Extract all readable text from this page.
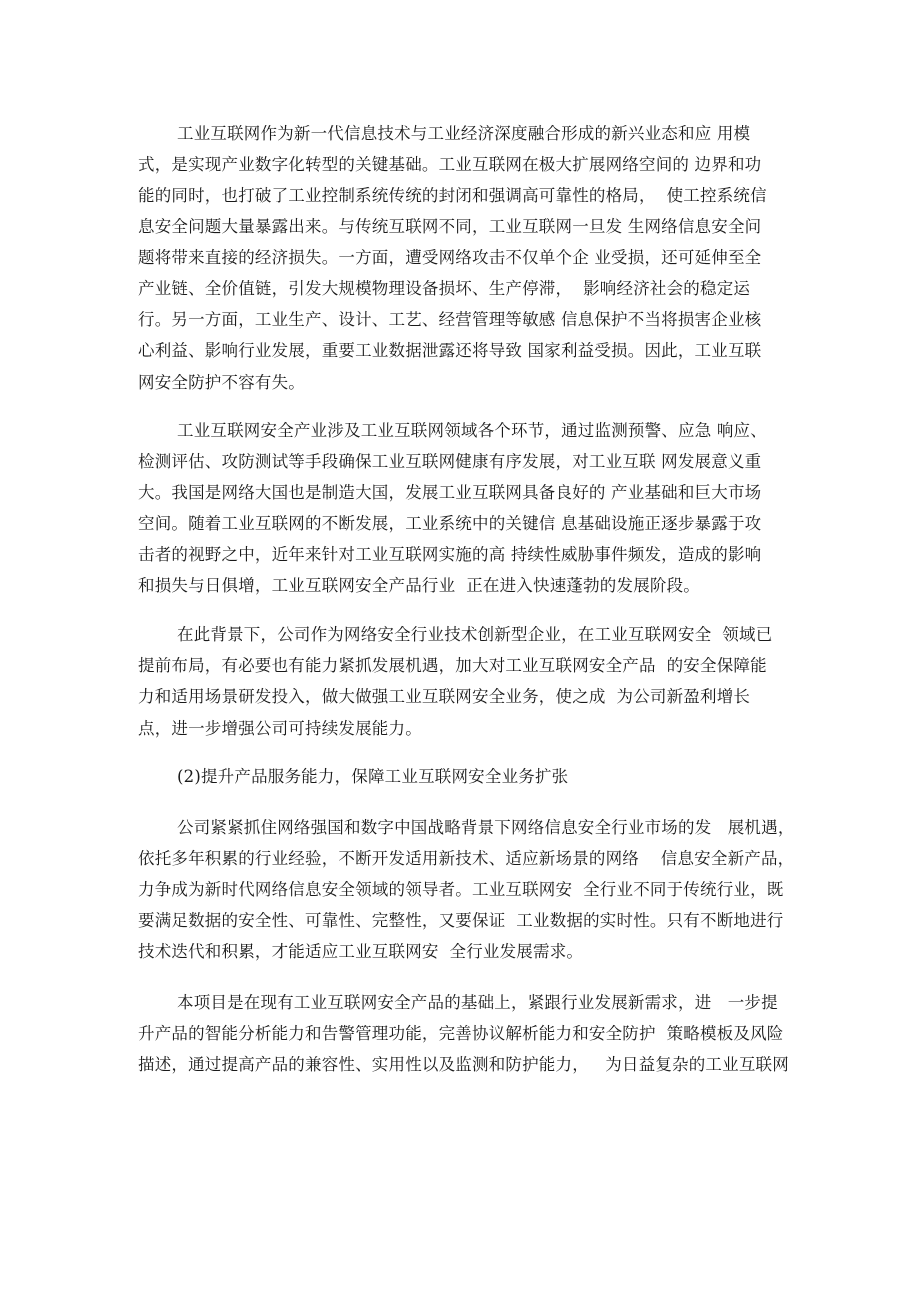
工业互联网作为新一代信息技术与工业经济深度融合形成的新兴业态和应 用模
式，是实现产业数字化转型的关键基础。工业互联网在极大扩展网络空间的 边界和功
能的同时，也打破了工业控制系统传统的封闭和强调高可靠性的格局，  使工控系统信
息安全问题大量暴露出来。与传统互联网不同，工业互联网一旦发 生网络信息安全问
题将带来直接的经济损失。一方面，遭受网络攻击不仅单个企 业受损，还可延伸至全
产业链、全价值链，引发大规模物理设备损坏、生产停滞，  影响经济社会的稳定运
行。另一方面，工业生产、设计、工艺、经营管理等敏感 信息保护不当将损害企业核
心利益、影响行业发展，重要工业数据泄露还将导致 国家利益受损。因此，工业互联
网安全防护不容有失。
工业互联网安全产业涉及工业互联网领域各个环节，通过监测预警、应急 响应、
检测评估、攻防测试等手段确保工业互联网健康有序发展，对工业互联 网发展意义重
大。我国是网络大国也是制造大国，发展工业互联网具备良好的 产业基础和巨大市场
空间。随着工业互联网的不断发展，工业系统中的关键信 息基础设施正逐步暴露于攻
击者的视野之中，近年来针对工业互联网实施的高 持续性威胁事件频发，造成的影响
和损失与日俱增，工业互联网安全产品行业  正在进入快速蓬勃的发展阶段。
在此背景下，公司作为网络安全行业技术创新型企业，在工业互联网安全  领域已
提前布局，有必要也有能力紧抓发展机遇，加大对工业互联网安全产品  的安全保障能
力和适用场景研发投入，做大做强工业互联网安全业务，使之成  为公司新盈利增长
点，进一步增强公司可持续发展能力。
(2)提升产品服务能力，保障工业互联网安全业务扩张
公司紧紧抓住网络强国和数字中国战略背景下网络信息安全行业市场的发   展机遇，
依托多年积累的行业经验，不断开发适用新技术、适应新场景的网络    信息安全新产品，
力争成为新时代网络信息安全领域的领导者。工业互联网安  全行业不同于传统行业，既
要满足数据的安全性、可靠性、完整性，又要保证  工业数据的实时性。只有不断地进行
技术迭代和积累，才能适应工业互联网安  全行业发展需求。
本项目是在现有工业互联网安全产品的基础上，紧跟行业发展新需求，进   一步提
升产品的智能分析能力和告警管理功能，完善协议解析能力和安全防护  策略模板及风险
描述，通过提高产品的兼容性、实用性以及监测和防护能力，   为日益复杂的工业互联网
